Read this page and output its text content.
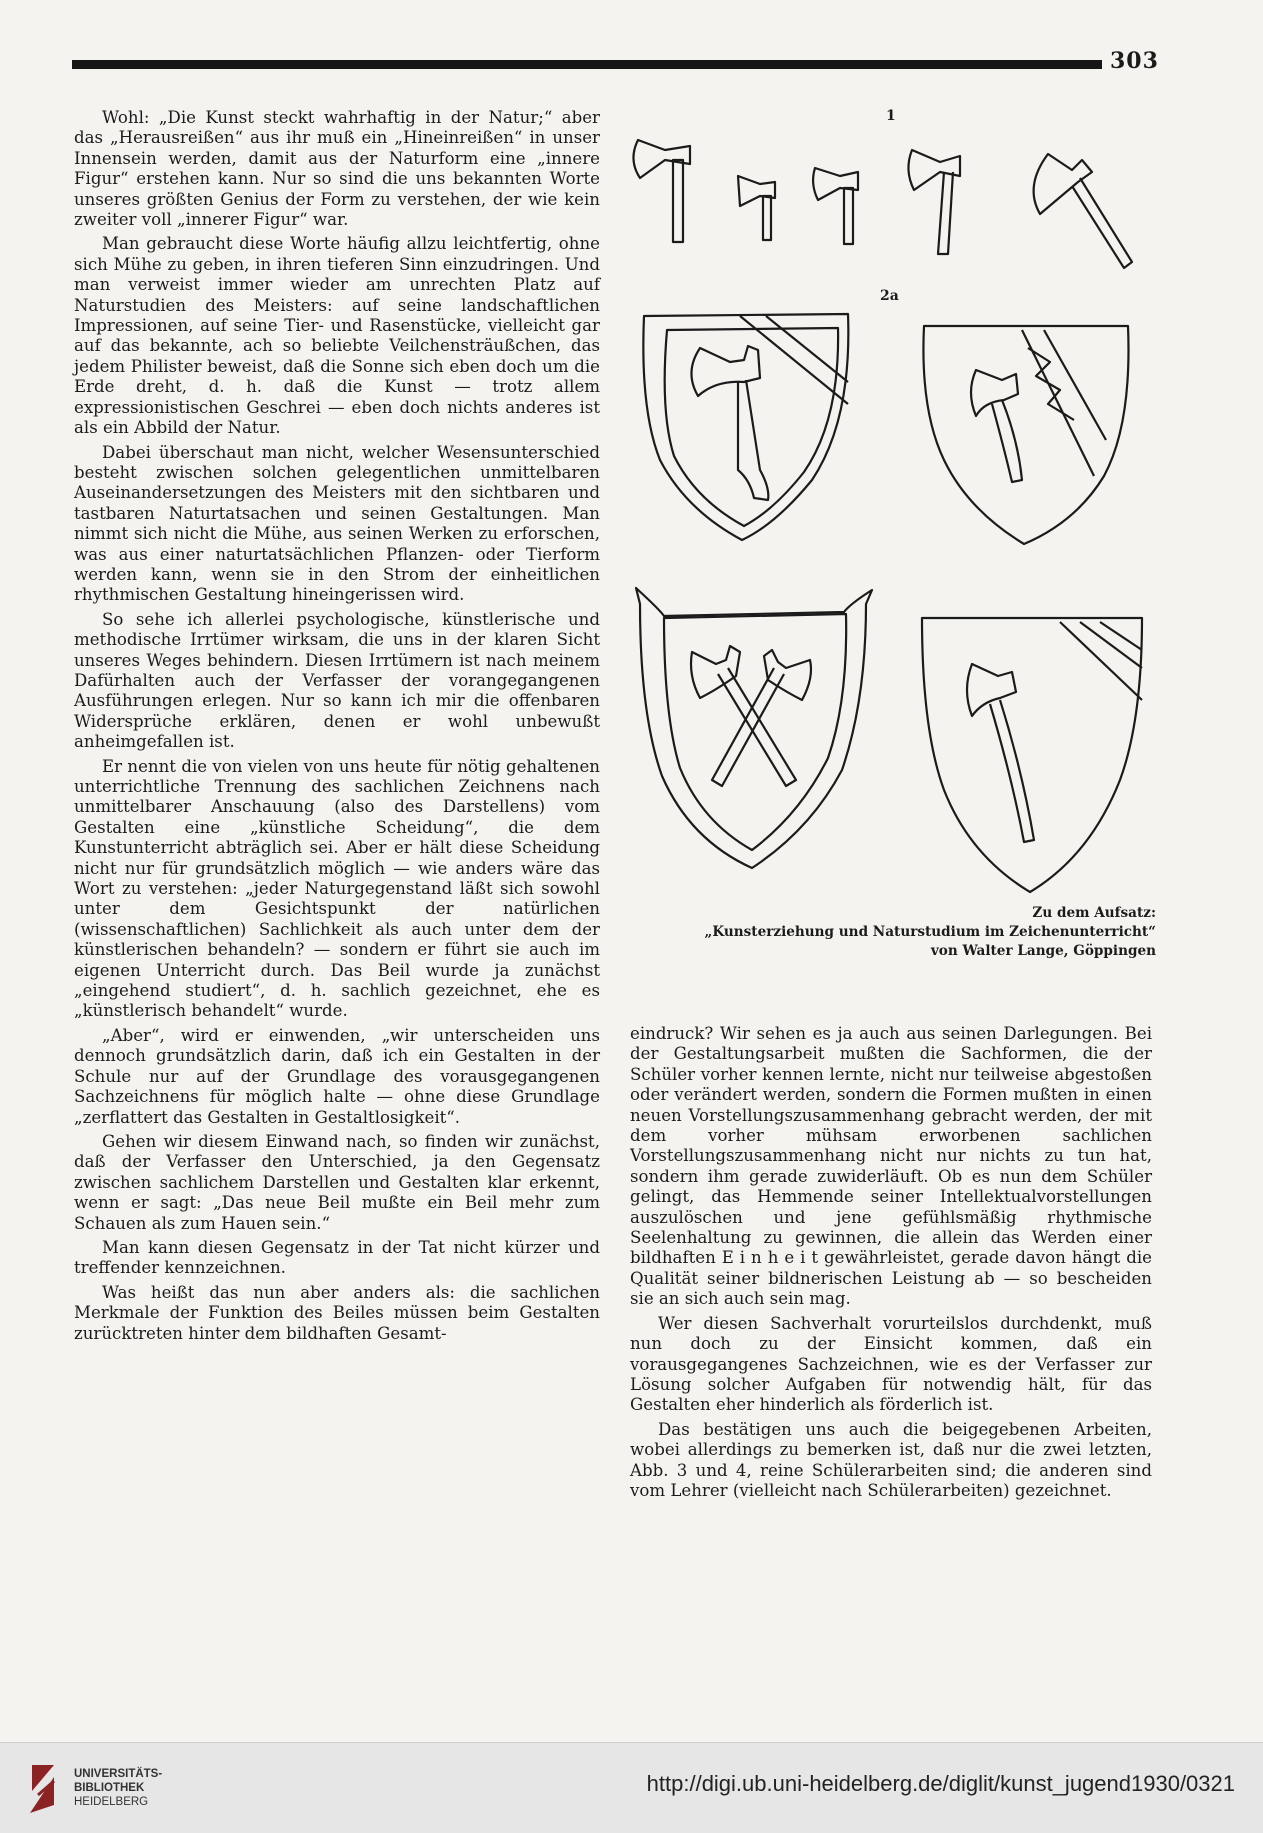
303

Wohl: „Die Kunst steckt wahrhaftig in der Natur;“ aber das „Herausreißen“ aus ihr muß ein „Hineinreißen“ in unser Innensein werden, damit aus der Naturform eine „innere Figur“ erstehen kann. Nur so sind die uns bekannten Worte unseres größten Genius der Form zu verstehen, der wie kein zweiter voll „innerer Figur“ war.

Man gebraucht diese Worte häufig allzu leichtfertig, ohne sich Mühe zu geben, in ihren tieferen Sinn einzudringen. Und man verweist immer wieder am unrechten Platz auf Naturstudien des Meisters: auf seine landschaftlichen Impressionen, auf seine Tier- und Rasenstücke, vielleicht gar auf das bekannte, ach so beliebte Veilchensträußchen, das jedem Philister beweist, daß die Sonne sich eben doch um die Erde dreht, d. h. daß die Kunst — trotz allem expressionistischen Geschrei — eben doch nichts anderes ist als ein Abbild der Natur.

Dabei überschaut man nicht, welcher Wesensunterschied besteht zwischen solchen gelegentlichen unmittelbaren Auseinandersetzungen des Meisters mit den sichtbaren und tastbaren Naturtatsachen und seinen Gestaltungen. Man nimmt sich nicht die Mühe, aus seinen Werken zu erforschen, was aus einer naturtatsächlichen Pflanzen- oder Tierform werden kann, wenn sie in den Strom der einheitlichen rhythmischen Gestaltung hineingerissen wird.

So sehe ich allerlei psychologische, künstlerische und methodische Irrtümer wirksam, die uns in der klaren Sicht unseres Weges behindern. Diesen Irrtümern ist nach meinem Dafürhalten auch der Verfasser der vorangegangenen Ausführungen erlegen. Nur so kann ich mir die offenbaren Widersprüche erklären, denen er wohl unbewußt anheimgefallen ist.

Er nennt die von vielen von uns heute für nötig gehaltenen unterrichtliche Trennung des sachlichen Zeichnens nach unmittelbarer Anschauung (also des Darstellens) vom Gestalten eine „künstliche Scheidung“, die dem Kunstunterricht abträglich sei. Aber er hält diese Scheidung nicht nur für grundsätzlich möglich — wie anders wäre das Wort zu verstehen: „jeder Naturgegenstand läßt sich sowohl unter dem Gesichtspunkt der natürlichen (wissenschaftlichen) Sachlichkeit als auch unter dem der künstlerischen behandeln? — sondern er führt sie auch im eigenen Unterricht durch. Das Beil wurde ja zunächst „eingehend studiert“, d. h. sachlich gezeichnet, ehe es „künstlerisch behandelt“ wurde.

„Aber“, wird er einwenden, „wir unterscheiden uns dennoch grundsätzlich darin, daß ich ein Gestalten in der Schule nur auf der Grundlage des vorausgegangenen Sachzeichnens für möglich halte — ohne diese Grundlage „zerflattert das Gestalten in Gestaltlosigkeit“.

Gehen wir diesem Einwand nach, so finden wir zunächst, daß der Verfasser den Unterschied, ja den Gegensatz zwischen sachlichem Darstellen und Gestalten klar erkennt, wenn er sagt: „Das neue Beil mußte ein Beil mehr zum Schauen als zum Hauen sein.“

Man kann diesen Gegensatz in der Tat nicht kürzer und treffender kennzeichnen.

Was heißt das nun aber anders als: die sachlichen Merkmale der Funktion des Beiles müssen beim Gestalten zurücktreten hinter dem bildhaften Gesamt-

1
2a
Zu dem Aufsatz:
„Kunsterziehung und Naturstudium im Zeichenunterricht“
von Walter Lange, Göppingen

eindruck? Wir sehen es ja auch aus seinen Darlegungen. Bei der Gestaltungsarbeit mußten die Sachformen, die der Schüler vorher kennen lernte, nicht nur teilweise abgestoßen oder verändert werden, sondern die Formen mußten in einen neuen Vorstellungszusammenhang gebracht werden, der mit dem vorher mühsam erworbenen sachlichen Vorstellungszusammenhang nicht nur nichts zu tun hat, sondern ihm gerade zuwiderläuft. Ob es nun dem Schüler gelingt, das Hemmende seiner Intellektualvorstellungen auszulöschen und jene gefühlsmäßig rhythmische Seelenhaltung zu gewinnen, die allein das Werden einer bildhaften E i n h e i t gewährleistet, gerade davon hängt die Qualität seiner bildnerischen Leistung ab — so bescheiden sie an sich auch sein mag.

Wer diesen Sachverhalt vorurteilslos durchdenkt, muß nun doch zu der Einsicht kommen, daß ein vorausgegangenes Sachzeichnen, wie es der Verfasser zur Lösung solcher Aufgaben für notwendig hält, für das Gestalten eher hinderlich als förderlich ist.

Das bestätigen uns auch die beigegebenen Arbeiten, wobei allerdings zu bemerken ist, daß nur die zwei letzten, Abb. 3 und 4, reine Schülerarbeiten sind; die anderen sind vom Lehrer (vielleicht nach Schülerarbeiten) gezeichnet.

UNIVERSITÄTS-
BIBLIOTHEK
HEIDELBERG
http://digi.ub.uni-heidelberg.de/diglit/kunst_jugend1930/0321
